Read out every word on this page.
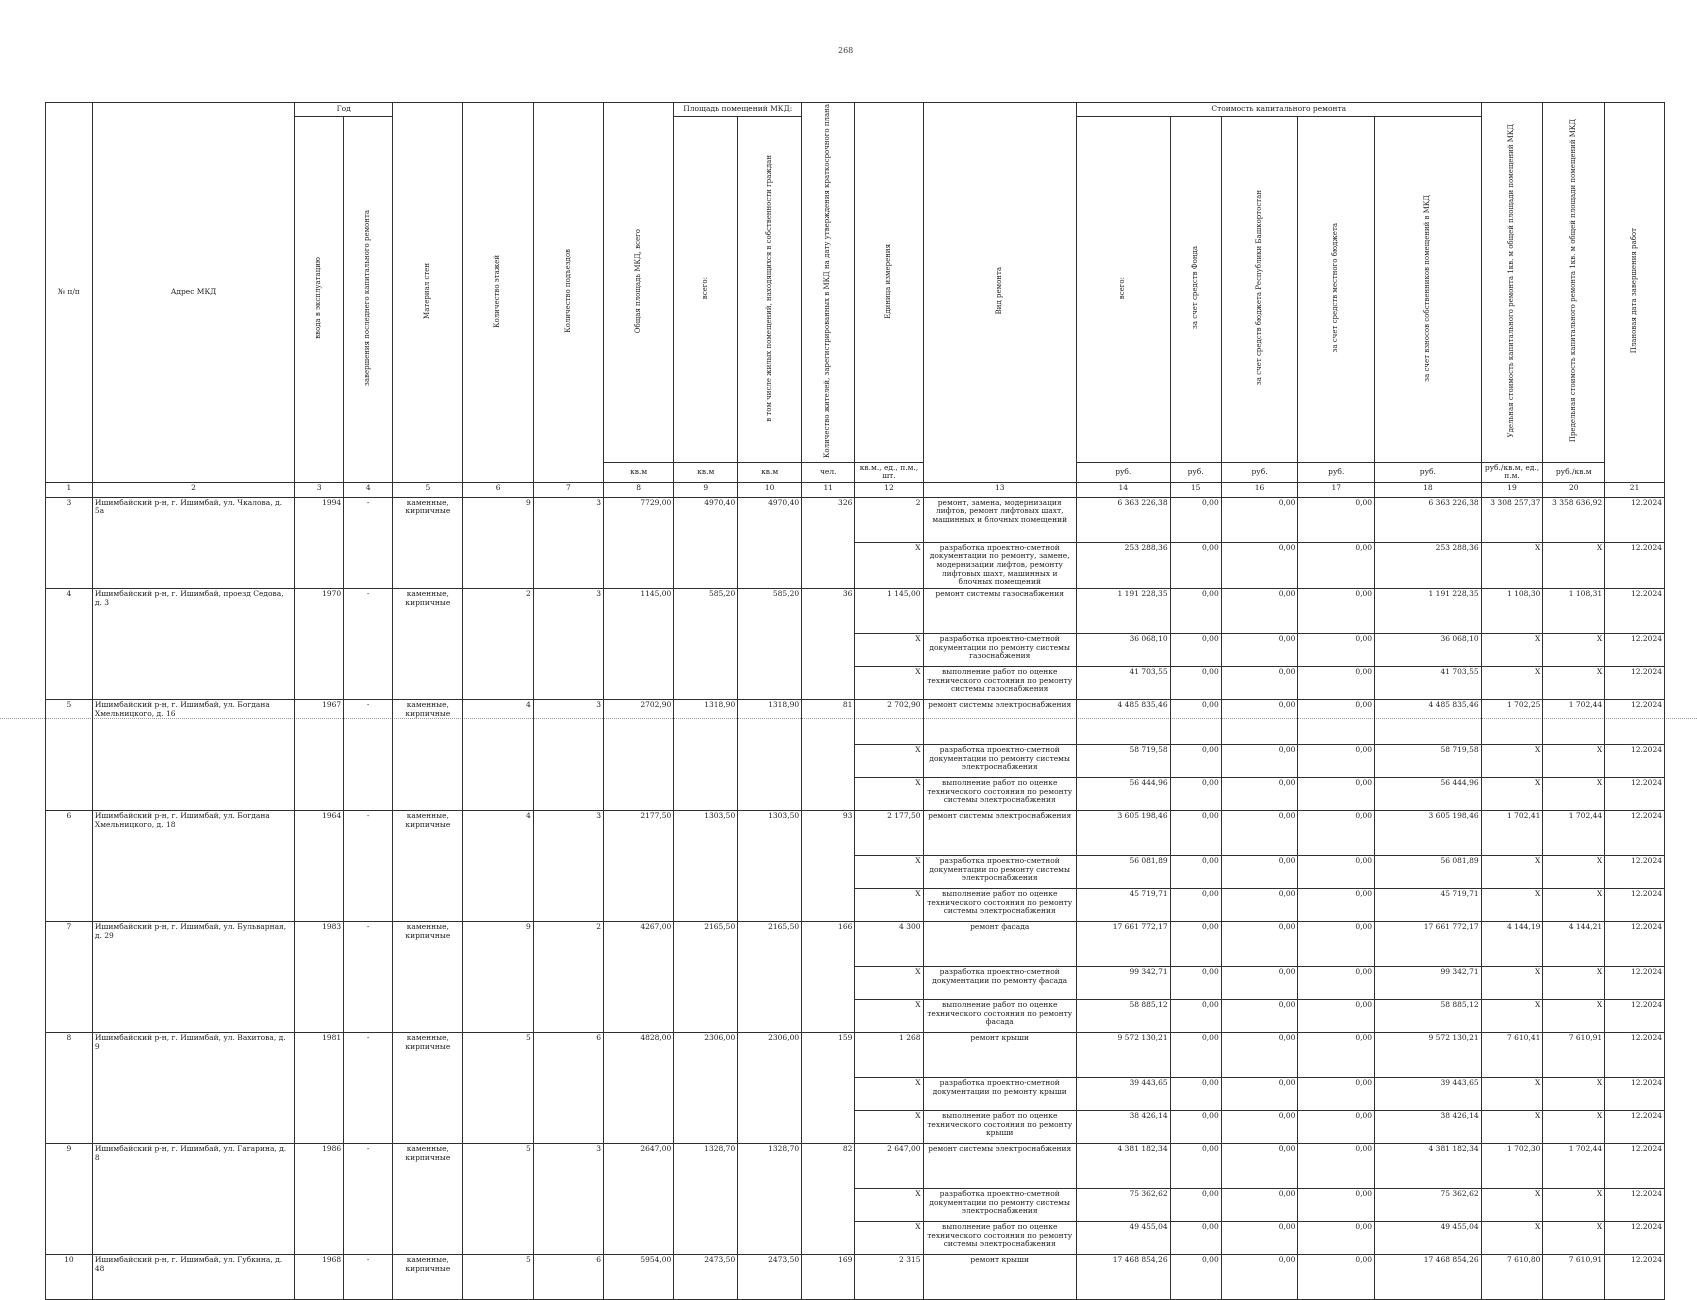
268
№ п/п	Адрес МКД	Год		Материал стен	Количество этажей	Количество подъездов	Общая площадь МКД, всего	Площадь помещений МКД:		Количество жителей, зарегистрированных в МКД на дату утверждения краткосрочного плана	Единица измерения	Вид ремонта	Стоимость капитального ремонта					Удельная стоимость капитального ремонта 1кв. м общей площади помещений МКД	Предельная стоимость капитального ремонта 1кв. м общей площади помещений МКД	Плановая дата завершения работ
		ввода в эксплуатацию	завершения последнего капитального ремонта					всего:	в том числе жилых помещений, находящихся в собственности граждан				всего:	за счет средств Фонда	за счет средств бюджета Республики Башкортостан	за счет средств местного бюджета	за счет взносов собственников помещений в МКД			
							кв.м	кв.м	кв.м	чел.	кв.м., ед., п.м., шт.		руб.	руб.	руб.	руб.	руб.	руб./кв.м, ед., п.м.	руб./кв.м	
1	2	3	4	5	6	7	8	9	10	11	12	13	14	15	16	17	18	19	20	21
3	Ишимбайский р-н, г. Ишимбай, ул. Чкалова, д. 5а	1994	-	каменные, кирпичные	9	3	7729,00	4970,40	4970,40	326	2	ремонт, замена, модернизация лифтов, ремонт лифтовых шахт, машинных и блочных помещений	6 363 226,38	0,00	0,00	0,00	6 363 226,38	3 308 257,37	3 358 636,92	12.2024
											Х	разработка проектно-сметной документации по ремонту, замене, модернизации лифтов, ремонту лифтовых шахт, машинных и блочных помещений	253 288,36	0,00	0,00	0,00	253 288,36	Х	Х	12.2024
4	Ишимбайский р-н, г. Ишимбай, проезд Седова, д. 3	1970	-	каменные, кирпичные	2	3	1145,00	585,20	585,20	36	1 145,00	ремонт системы газоснабжения	1 191 228,35	0,00	0,00	0,00	1 191 228,35	1 108,30	1 108,31	12.2024
											Х	разработка проектно-сметной документации по ремонту системы газоснабжения	36 068,10	0,00	0,00	0,00	36 068,10	Х	Х	12.2024
											Х	выполнение работ по оценке технического состояния по ремонту системы газоснабжения	41 703,55	0,00	0,00	0,00	41 703,55	Х	Х	12.2024
5	Ишимбайский р-н, г. Ишимбай, ул. Богдана Хмельницкого, д. 16	1967	-	каменные, кирпичные	4	3	2702,90	1318,90	1318,90	81	2 702,90	ремонт системы электроснабжения	4 485 835,46	0,00	0,00	0,00	4 485 835,46	1 702,25	1 702,44	12.2024
											Х	разработка проектно-сметной документации по ремонту системы электроснабжения	58 719,58	0,00	0,00	0,00	58 719,58	Х	Х	12.2024
											Х	выполнение работ по оценке технического состояния по ремонту системы электроснабжения	56 444,96	0,00	0,00	0,00	56 444,96	Х	Х	12.2024
6	Ишимбайский р-н, г. Ишимбай, ул. Богдана Хмельницкого, д. 18	1964	-	каменные, кирпичные	4	3	2177,50	1303,50	1303,50	93	2 177,50	ремонт системы электроснабжения	3 605 198,46	0,00	0,00	0,00	3 605 198,46	1 702,41	1 702,44	12.2024
											Х	разработка проектно-сметной документации по ремонту системы электроснабжения	56 081,89	0,00	0,00	0,00	56 081,89	Х	Х	12.2024
											Х	выполнение работ по оценке технического состояния по ремонту системы электроснабжения	45 719,71	0,00	0,00	0,00	45 719,71	Х	Х	12.2024
7	Ишимбайский р-н, г. Ишимбай, ул. Бульварная, д. 29	1983	-	каменные, кирпичные	9	2	4267,00	2165,50	2165,50	166	4 300	ремонт фасада	17 661 772,17	0,00	0,00	0,00	17 661 772,17	4 144,19	4 144,21	12.2024
											Х	разработка проектно-сметной документации по ремонту фасада	99 342,71	0,00	0,00	0,00	99 342,71	Х	Х	12.2024
											Х	выполнение работ по оценке технического состояния по ремонту фасада	58 885,12	0,00	0,00	0,00	58 885,12	Х	Х	12.2024
8	Ишимбайский р-н, г. Ишимбай, ул. Вахитова, д. 9	1981	-	каменные, кирпичные	5	6	4828,00	2306,00	2306,00	159	1 268	ремонт крыши	9 572 130,21	0,00	0,00	0,00	9 572 130,21	7 610,41	7 610,91	12.2024
											Х	разработка проектно-сметной документации по ремонту крыши	39 443,65	0,00	0,00	0,00	39 443,65	Х	Х	12.2024
											Х	выполнение работ по оценке технического состояния по ремонту крыши	38 426,14	0,00	0,00	0,00	38 426,14	Х	Х	12.2024
9	Ишимбайский р-н, г. Ишимбай, ул. Гагарина, д. 8	1986	-	каменные, кирпичные	5	3	2647,00	1328,70	1328,70	82	2 647,00	ремонт системы электроснабжения	4 381 182,34	0,00	0,00	0,00	4 381 182,34	1 702,30	1 702,44	12.2024
											Х	разработка проектно-сметной документации по ремонту системы электроснабжения	75 362,62	0,00	0,00	0,00	75 362,62	Х	Х	12.2024
											Х	выполнение работ по оценке технического состояния по ремонту системы электроснабжения	49 455,04	0,00	0,00	0,00	49 455,04	Х	Х	12.2024
10	Ишимбайский р-н, г. Ишимбай, ул. Губкина, д. 48	1968	-	каменные, кирпичные	5	6	5954,00	2473,50	2473,50	169	2 315	ремонт крыши	17 468 854,26	0,00	0,00	0,00	17 468 854,26	7 610,80	7 610,91	12.2024
